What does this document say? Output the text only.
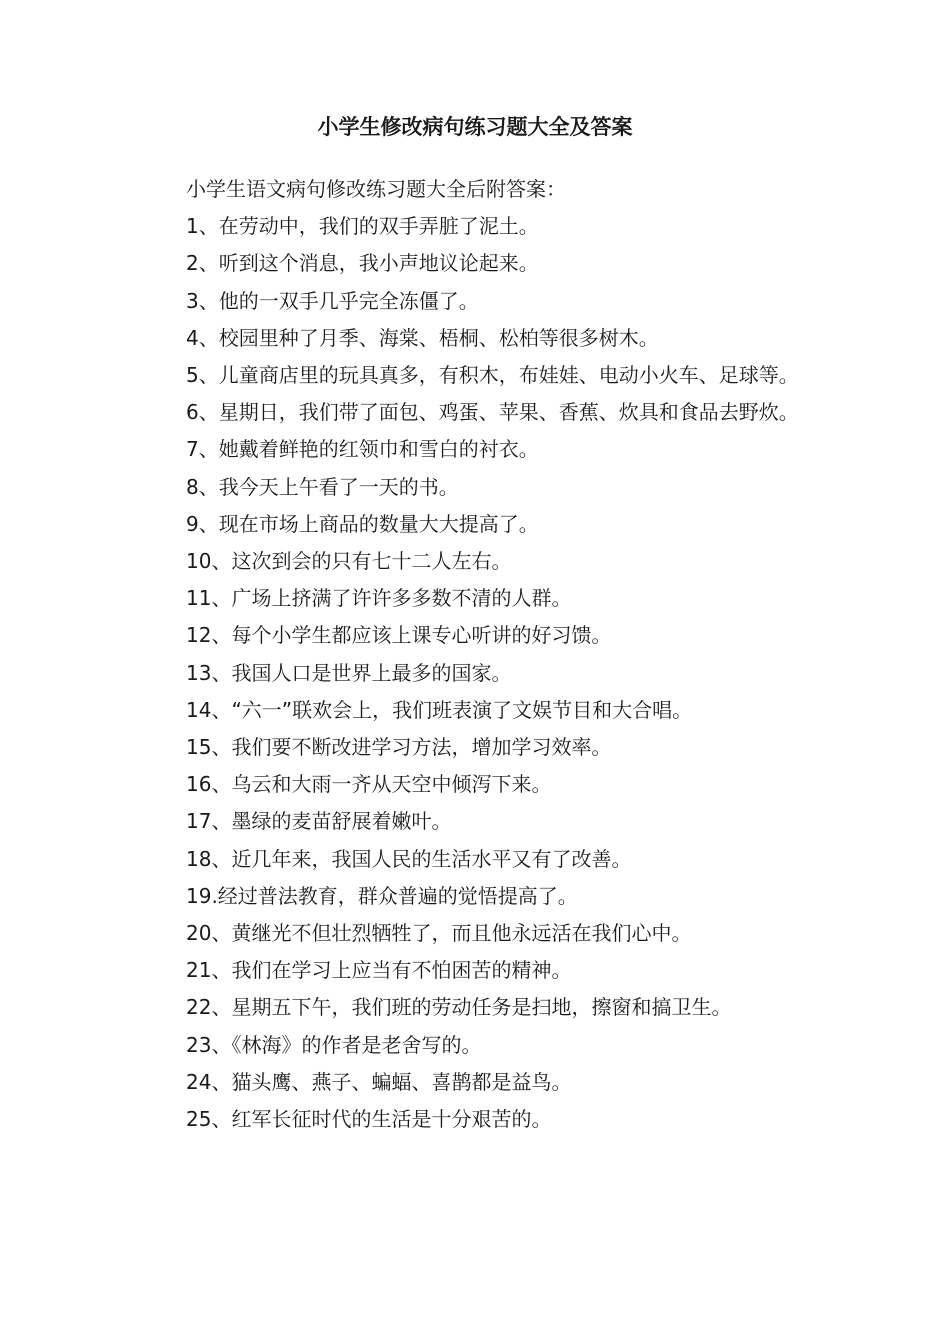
小学生修改病句练习题大全及答案

小学生语文病句修改练习题大全后附答案：

1、在劳动中，我们的双手弄脏了泥土。

2、听到这个消息，我小声地议论起来。

3、他的一双手几乎完全冻僵了。

4、校园里种了月季、海棠、梧桐、松柏等很多树木。

5、儿童商店里的玩具真多，有积木，布娃娃、电动小火车、足球等。

6、星期日，我们带了面包、鸡蛋、苹果、香蕉、炊具和食品去野炊。

7、她戴着鲜艳的红领巾和雪白的衬衣。

8、我今天上午看了一天的书。

9、现在市场上商品的数量大大提高了。

10、这次到会的只有七十二人左右。

11、广场上挤满了许许多多数不清的人群。

12、每个小学生都应该上课专心听讲的好习馈。

13、我国人口是世界上最多的国家。

14、“六一”联欢会上，我们班表演了文娱节目和大合唱。

15、我们要不断改进学习方法，增加学习效率。

16、乌云和大雨一齐从天空中倾泻下来。

17、墨绿的麦苗舒展着嫩叶。

18、近几年来，我国人民的生活水平又有了改善。

19.经过普法教育，群众普遍的觉悟提高了。

20、黄继光不但壮烈牺牲了，而且他永远活在我们心中。

21、我们在学习上应当有不怕困苦的精神。

22、星期五下午，我们班的劳动任务是扫地，擦窗和搞卫生。

23、《林海》的作者是老舍写的。

24、猫头鹰、燕子、蝙蝠、喜鹊都是益鸟。

25、红军长征时代的生活是十分艰苦的。
